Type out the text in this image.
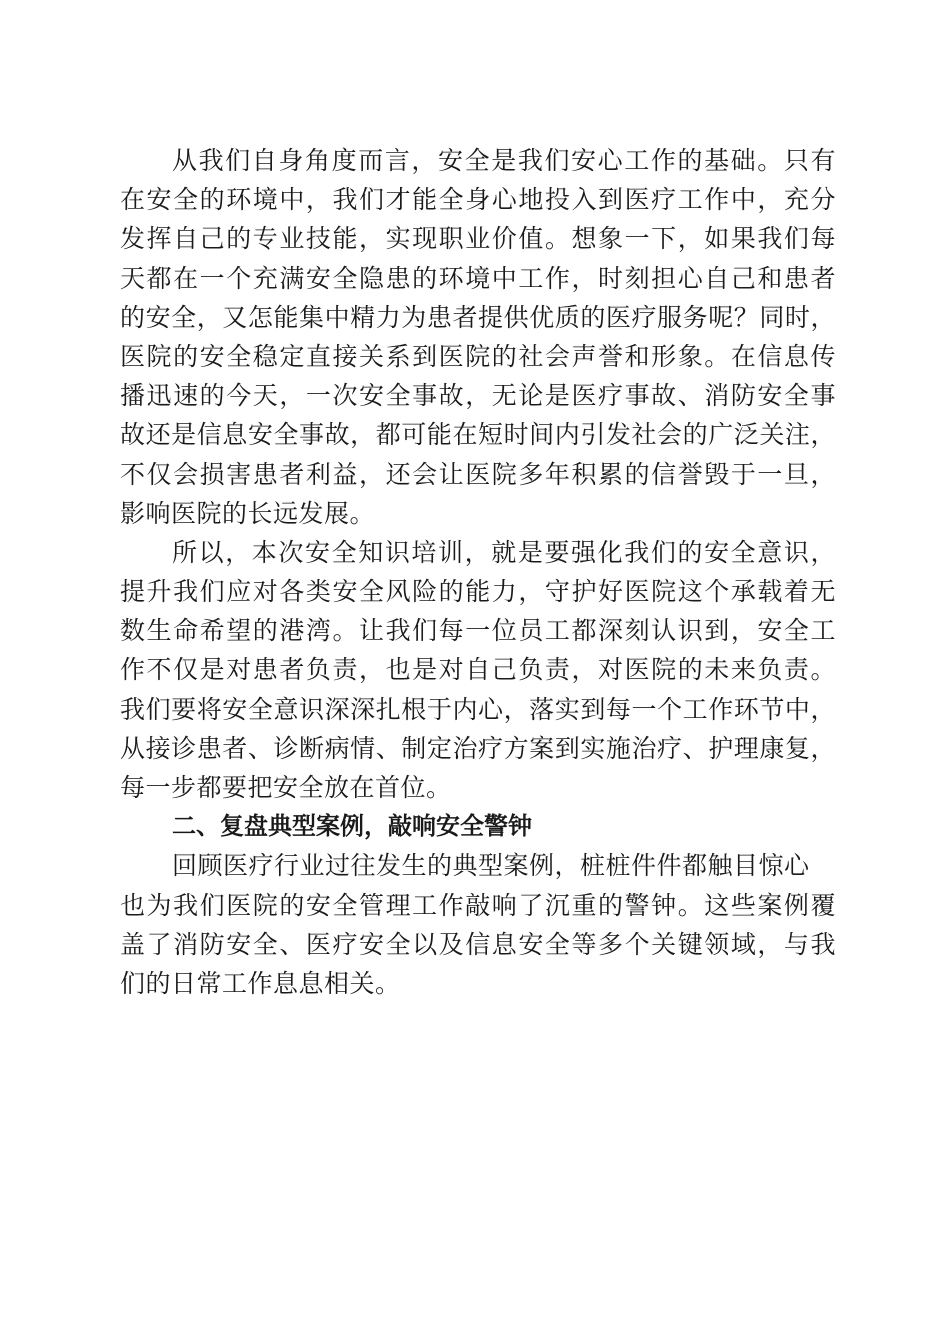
从我们自身角度而言，安全是我们安心工作的基础。只有
在安全的环境中，我们才能全身心地投入到医疗工作中，充分
发挥自己的专业技能，实现职业价值。想象一下，如果我们每
天都在一个充满安全隐患的环境中工作，时刻担心自己和患者
的安全，又怎能集中精力为患者提供优质的医疗服务呢？同时，
医院的安全稳定直接关系到医院的社会声誉和形象。在信息传
播迅速的今天，一次安全事故，无论是医疗事故、消防安全事
故还是信息安全事故，都可能在短时间内引发社会的广泛关注，
不仅会损害患者利益，还会让医院多年积累的信誉毁于一旦，
影响医院的长远发展。
所以，本次安全知识培训，就是要强化我们的安全意识，
提升我们应对各类安全风险的能力，守护好医院这个承载着无
数生命希望的港湾。让我们每一位员工都深刻认识到，安全工
作不仅是对患者负责，也是对自己负责，对医院的未来负责。
我们要将安全意识深深扎根于内心，落实到每一个工作环节中，
从接诊患者、诊断病情、制定治疗方案到实施治疗、护理康复，
每一步都要把安全放在首位。
二、复盘典型案例，敲响安全警钟
回顾医疗行业过往发生的典型案例，桩桩件件都触目惊心
也为我们医院的安全管理工作敲响了沉重的警钟。这些案例覆
盖了消防安全、医疗安全以及信息安全等多个关键领域，与我
们的日常工作息息相关。
